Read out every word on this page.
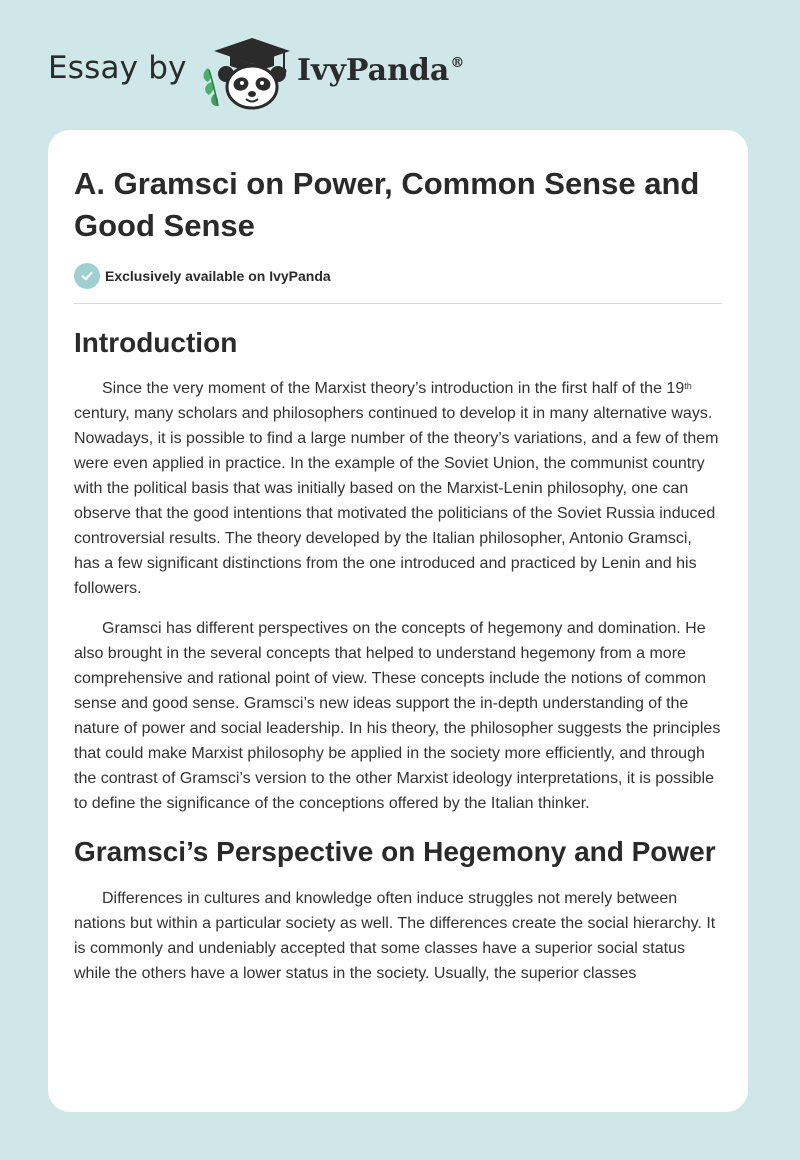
Essay by	IvyPanda®
A. Gramsci on Power, Common Sense and Good Sense
Exclusively available on IvyPanda
Introduction

Since the very moment of the Marxist theory’s introduction in the first half of the 19th century, many scholars and philosophers continued to develop it in many alternative ways. Nowadays, it is possible to find a large number of the theory’s variations, and a few of them were even applied in practice. In the example of the Soviet Union, the communist country with the political basis that was initially based on the Marxist-Lenin philosophy, one can observe that the good intentions that motivated the politicians of the Soviet Russia induced controversial results. The theory developed by the Italian philosopher, Antonio Gramsci, has a few significant distinctions from the one introduced and practiced by Lenin and his followers.

Gramsci has different perspectives on the concepts of hegemony and domination. He also brought in the several concepts that helped to understand hegemony from a more comprehensive and rational point of view. These concepts include the notions of common sense and good sense. Gramsci’s new ideas support the in-depth understanding of the nature of power and social leadership. In his theory, the philosopher suggests the principles that could make Marxist philosophy be applied in the society more efficiently, and through the contrast of Gramsci’s version to the other Marxist ideology interpretations, it is possible to define the significance of the conceptions offered by the Italian thinker.

Gramsci’s Perspective on Hegemony and Power

Differences in cultures and knowledge often induce struggles not merely between nations but within a particular society as well. The differences create the social hierarchy. It is commonly and undeniably accepted that some classes have a superior social status while the others have a lower status in the society. Usually, the superior classes
